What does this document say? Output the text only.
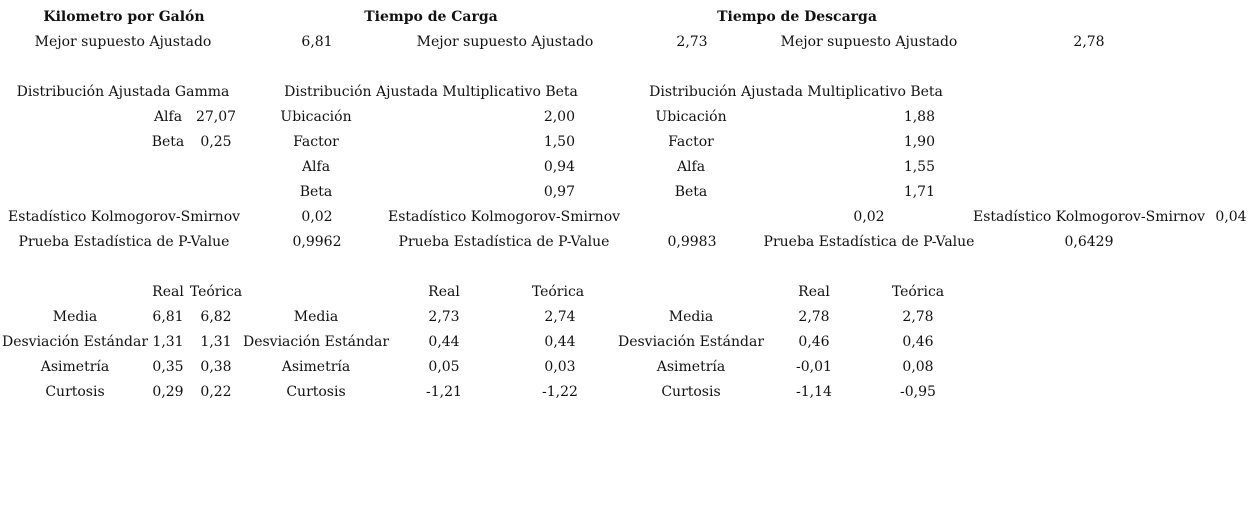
Kilometro por Galón
Mejor supuesto Ajustado	6,81
Distribución Ajustada Gamma
Alfa 27,07
Beta 0,25
Estadístico Kolmogorov-Smirnov	0,02
Prueba Estadística de P-Value	0,9962
Real Teórica
Media	6,81 6,82
Desviación Estándar 1,31 1,31
Asimetría	0,35 0,38
Curtosis	0,29 0,22
Tiempo de Carga
Mejor supuesto Ajustado	2,73
Distribución Ajustada Multiplicativo Beta
Ubicación	2,00
Factor	1,50
Alfa	0,94
Beta	0,97
Estadístico Kolmogorov-Smirnov	0,02
Prueba Estadística de P-Value	0,9983
Real	Teórica
Media	2,73	2,74
Desviación Estándar	0,44	0,44
Asimetría	0,05	0,03
Curtosis	-1,21	-1,22
Tiempo de Descarga
Mejor supuesto Ajustado	2,78
Distribución Ajustada Multiplicativo Beta
Ubicación	1,88
Factor	1,90
Alfa	1,55
Beta	1,71
Estadístico Kolmogorov-Smirnov 0,04
Prueba Estadística de P-Value	0,6429
Real	Teórica
Media	2,78	2,78
Desviación Estándar 0,46	0,46
Asimetría	-0,01	0,08
Curtosis	-1,14	-0,95
